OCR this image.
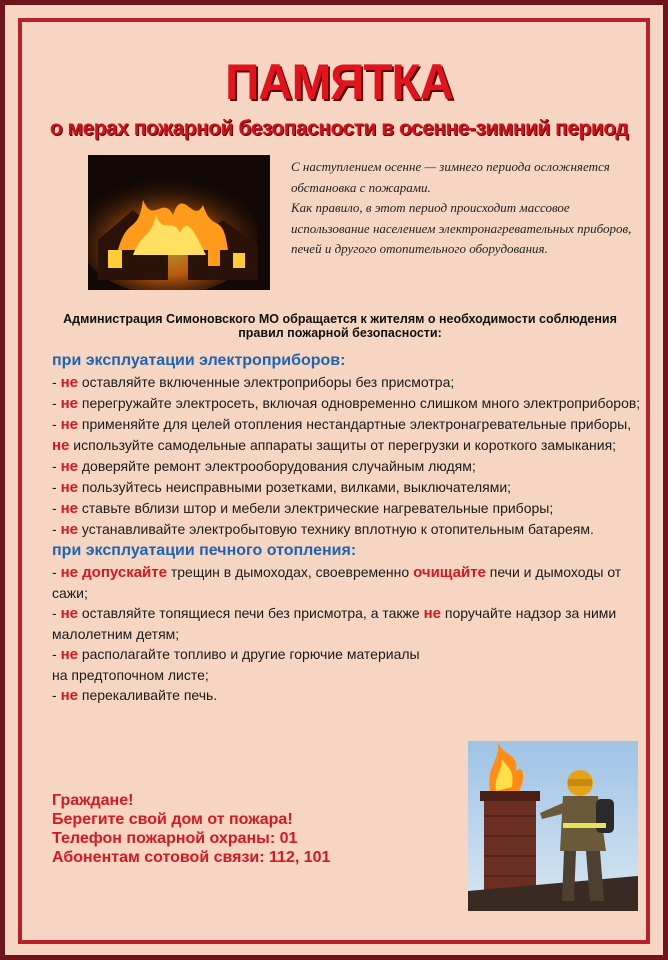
ПАМЯТКА
о мерах пожарной безопасности в осенне-зимний период

С наступлением осенне — зимнего периода осложняется обстановка с пожарами.

Как правило, в этот период происходит массовое использование населением электронагревательных приборов, печей и другого отопительного оборудования.

Администрация Симоновского МО обращается к жителям о необходимости соблюдения правил пожарной безопасности:
при эксплуатации электроприборов:
- не оставляйте включенные электроприборы без присмотра;
- не перегружайте электросеть, включая одновременно слишком много электроприборов;
- не применяйте для целей отопления нестандартные электронагревательные приборы, не используйте самодельные аппараты защиты от перегрузки и короткого замыкания;
- не доверяйте ремонт электрооборудования случайным людям;
- не пользуйтесь неисправными розетками, вилками, выключателями;
- не ставьте вблизи штор и мебели электрические нагревательные приборы;
- не устанавливайте электробытовую технику вплотную к отопительным батареям.
при эксплуатации печного отопления:
- не допускайте трещин в дымоходах, своевременно очищайте печи и дымоходы от сажи;
- не оставляйте топящиеся печи без присмотра, а также не поручайте надзор за ними малолетним детям;
- не располагайте топливо и другие горючие материалы на предтопочном листе;
- не перекаливайте печь.
Граждане!
Берегите свой дом от пожара!
Телефон пожарной охраны: 01
Абонентам сотовой связи: 112, 101
